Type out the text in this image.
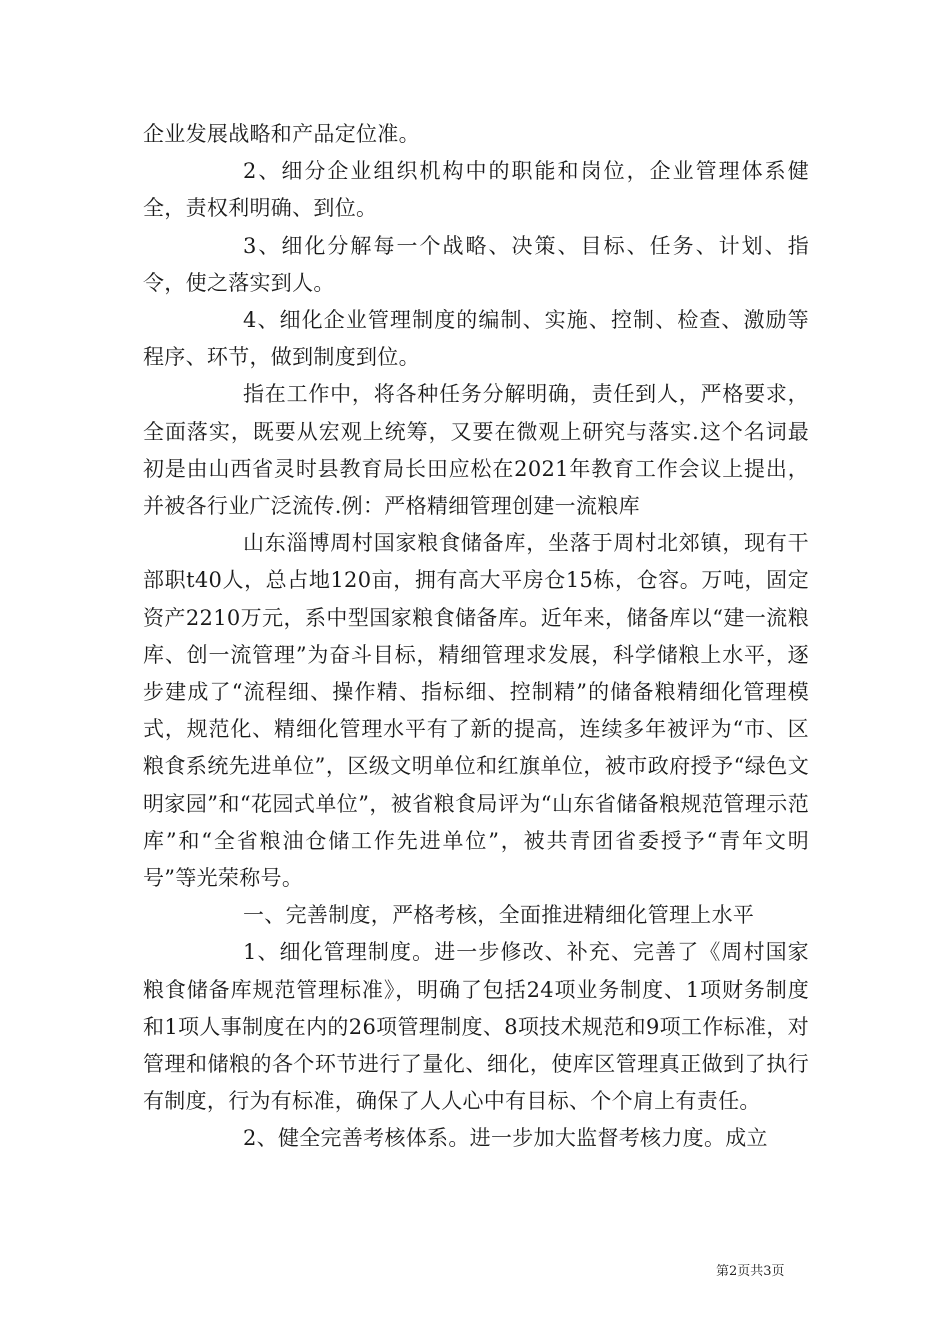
企业发展战略和产品定位准。

2、细分企业组织机构中的职能和岗位，企业管理体系健全，责权利明确、到位。

3、细化分解每一个战略、决策、目标、任务、计划、指令，使之落实到人。

4、细化企业管理制度的编制、实施、控制、检查、激励等程序、环节，做到制度到位。

指在工作中，将各种任务分解明确，责任到人，严格要求，全面落实，既要从宏观上统筹，又要在微观上研究与落实.这个名词最初是由山西省灵时县教育局长田应松在2021年教育工作会议上提出，并被各行业广泛流传.例：严格精细管理创建一流粮库

山东淄博周村国家粮食储备库，坐落于周村北郊镇，现有干部职t40人，总占地120亩，拥有高大平房仓15栋，仓容。万吨，固定资产2210万元，系中型国家粮食储备库。近年来，储备库以“建一流粮库、创一流管理”为奋斗目标，精细管理求发展，科学储粮上水平，逐步建成了“流程细、操作精、指标细、控制精”的储备粮精细化管理模式，规范化、精细化管理水平有了新的提高，连续多年被评为“市、区粮食系统先进单位”，区级文明单位和红旗单位，被市政府授予“绿色文明家园”和“花园式单位”，被省粮食局评为“山东省储备粮规范管理示范库”和“全省粮油仓储工作先进单位”，被共青团省委授予“青年文明号”等光荣称号。

一、完善制度，严格考核，全面推进精细化管理上水平

1、细化管理制度。进一步修改、补充、完善了《周村国家粮食储备库规范管理标准》，明确了包括24项业务制度、1项财务制度和1项人事制度在内的26项管理制度、8项技术规范和9项工作标准，对管理和储粮的各个环节进行了量化、细化，使库区管理真正做到了执行有制度，行为有标准，确保了人人心中有目标、个个肩上有责任。

2、健全完善考核体系。进一步加大监督考核力度。成立

第2页共3页
